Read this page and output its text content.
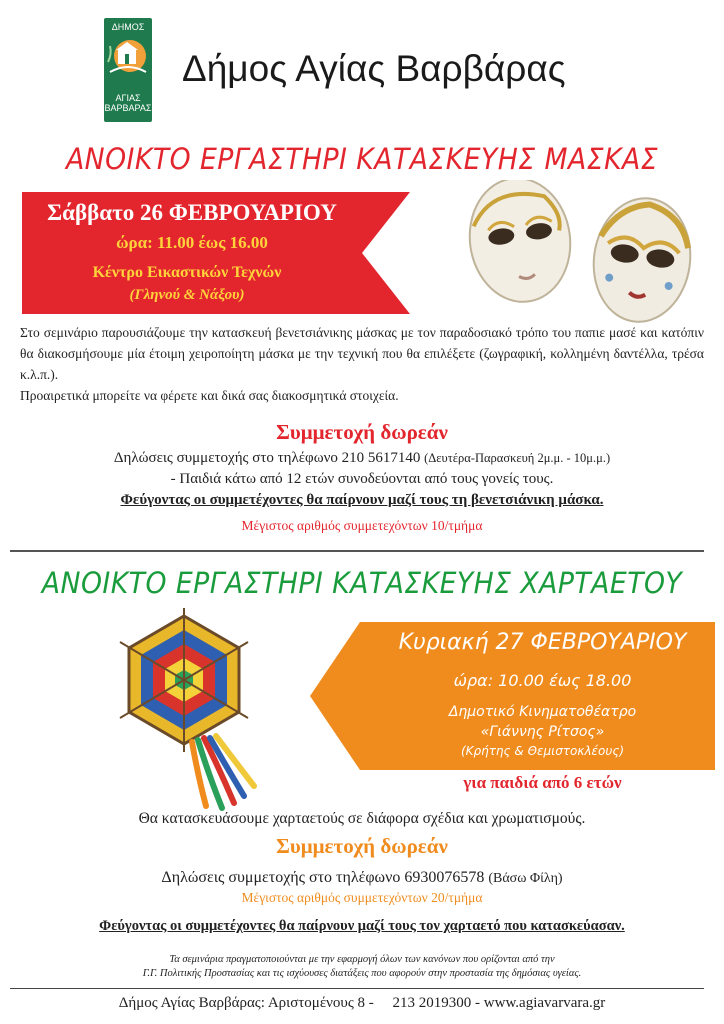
ΔΗΜΟΣ
ΑΓΙΑΣ
ΒΑΡΒΑΡΑΣ
Δήμος Αγίας Βαρβάρας
ΑΝΟΙΚΤΟ ΕΡΓΑΣΤΗΡΙ ΚΑΤΑΣΚΕΥΗΣ ΜΑΣΚΑΣ
Σάββατο 26 ΦΕΒΡΟΥΑΡΙΟΥ
ώρα: 11.00 έως 16.00
Κέντρο Εικαστικών Τεχνών
(Γληνού & Νάξου)
Στο σεμινάριο παρουσιάζουμε την κατασκευή βενετσιάνικης μάσκας με τον παραδοσιακό τρόπο του παπιε μασέ και κατόπιν θα διακοσμήσουμε μία έτοιμη χειροποίητη μάσκα με την τεχνική που θα επιλέξετε (ζωγραφική, κολλημένη δαντέλλα, τρέσα κ.λ.π.).
Προαιρετικά μπορείτε να φέρετε και δικά σας διακοσμητικά στοιχεία.
Συμμετοχή δωρεάν
Δηλώσεις συμμετοχής στο τηλέφωνο 210 5617140 (Δευτέρα-Παρασκευή 2μ.μ. - 10μ.μ.)
- Παιδιά κάτω από 12 ετών συνοδεύονται από τους γονείς τους.
Φεύγοντας οι συμμετέχοντες θα παίρνουν μαζί τους τη βενετσιάνικη μάσκα.
Μέγιστος αριθμός συμμετεχόντων 10/τμήμα
ΑΝΟΙΚΤΟ ΕΡΓΑΣΤΗΡΙ ΚΑΤΑΣΚΕΥΗΣ ΧΑΡΤΑΕΤΟΥ
Κυριακή 27 ΦΕΒΡΟΥΑΡΙΟΥ
ώρα: 10.00 έως 18.00
Δημοτικό Κινηματοθέατρο
«Γιάννης Ρίτσος»
(Κρήτης & Θεμιστοκλέους)
για παιδιά από 6 ετών
Θα κατασκευάσουμε χαρταετούς σε διάφορα σχέδια και χρωματισμούς.
Συμμετοχή δωρεάν
Δηλώσεις συμμετοχής στο τηλέφωνο 6930076578 (Βάσω Φίλη)
Μέγιστος αριθμός συμμετεχόντων 20/τμήμα
Φεύγοντας οι συμμετέχοντες θα παίρνουν μαζί τους τον χαρταετό που κατασκεύασαν.
Τα σεμινάρια πραγματοποιούνται με την εφαρμογή όλων των κανόνων που ορίζονται από την
Γ.Γ. Πολιτικής Προστασίας και τις ισχύουσες διατάξεις που αφορούν στην προστασία της δημόσιας υγείας.
Δήμος Αγίας Βαρβάρας: Αριστομένους 8 -     213 2019300 - www.agiavarvara.gr
